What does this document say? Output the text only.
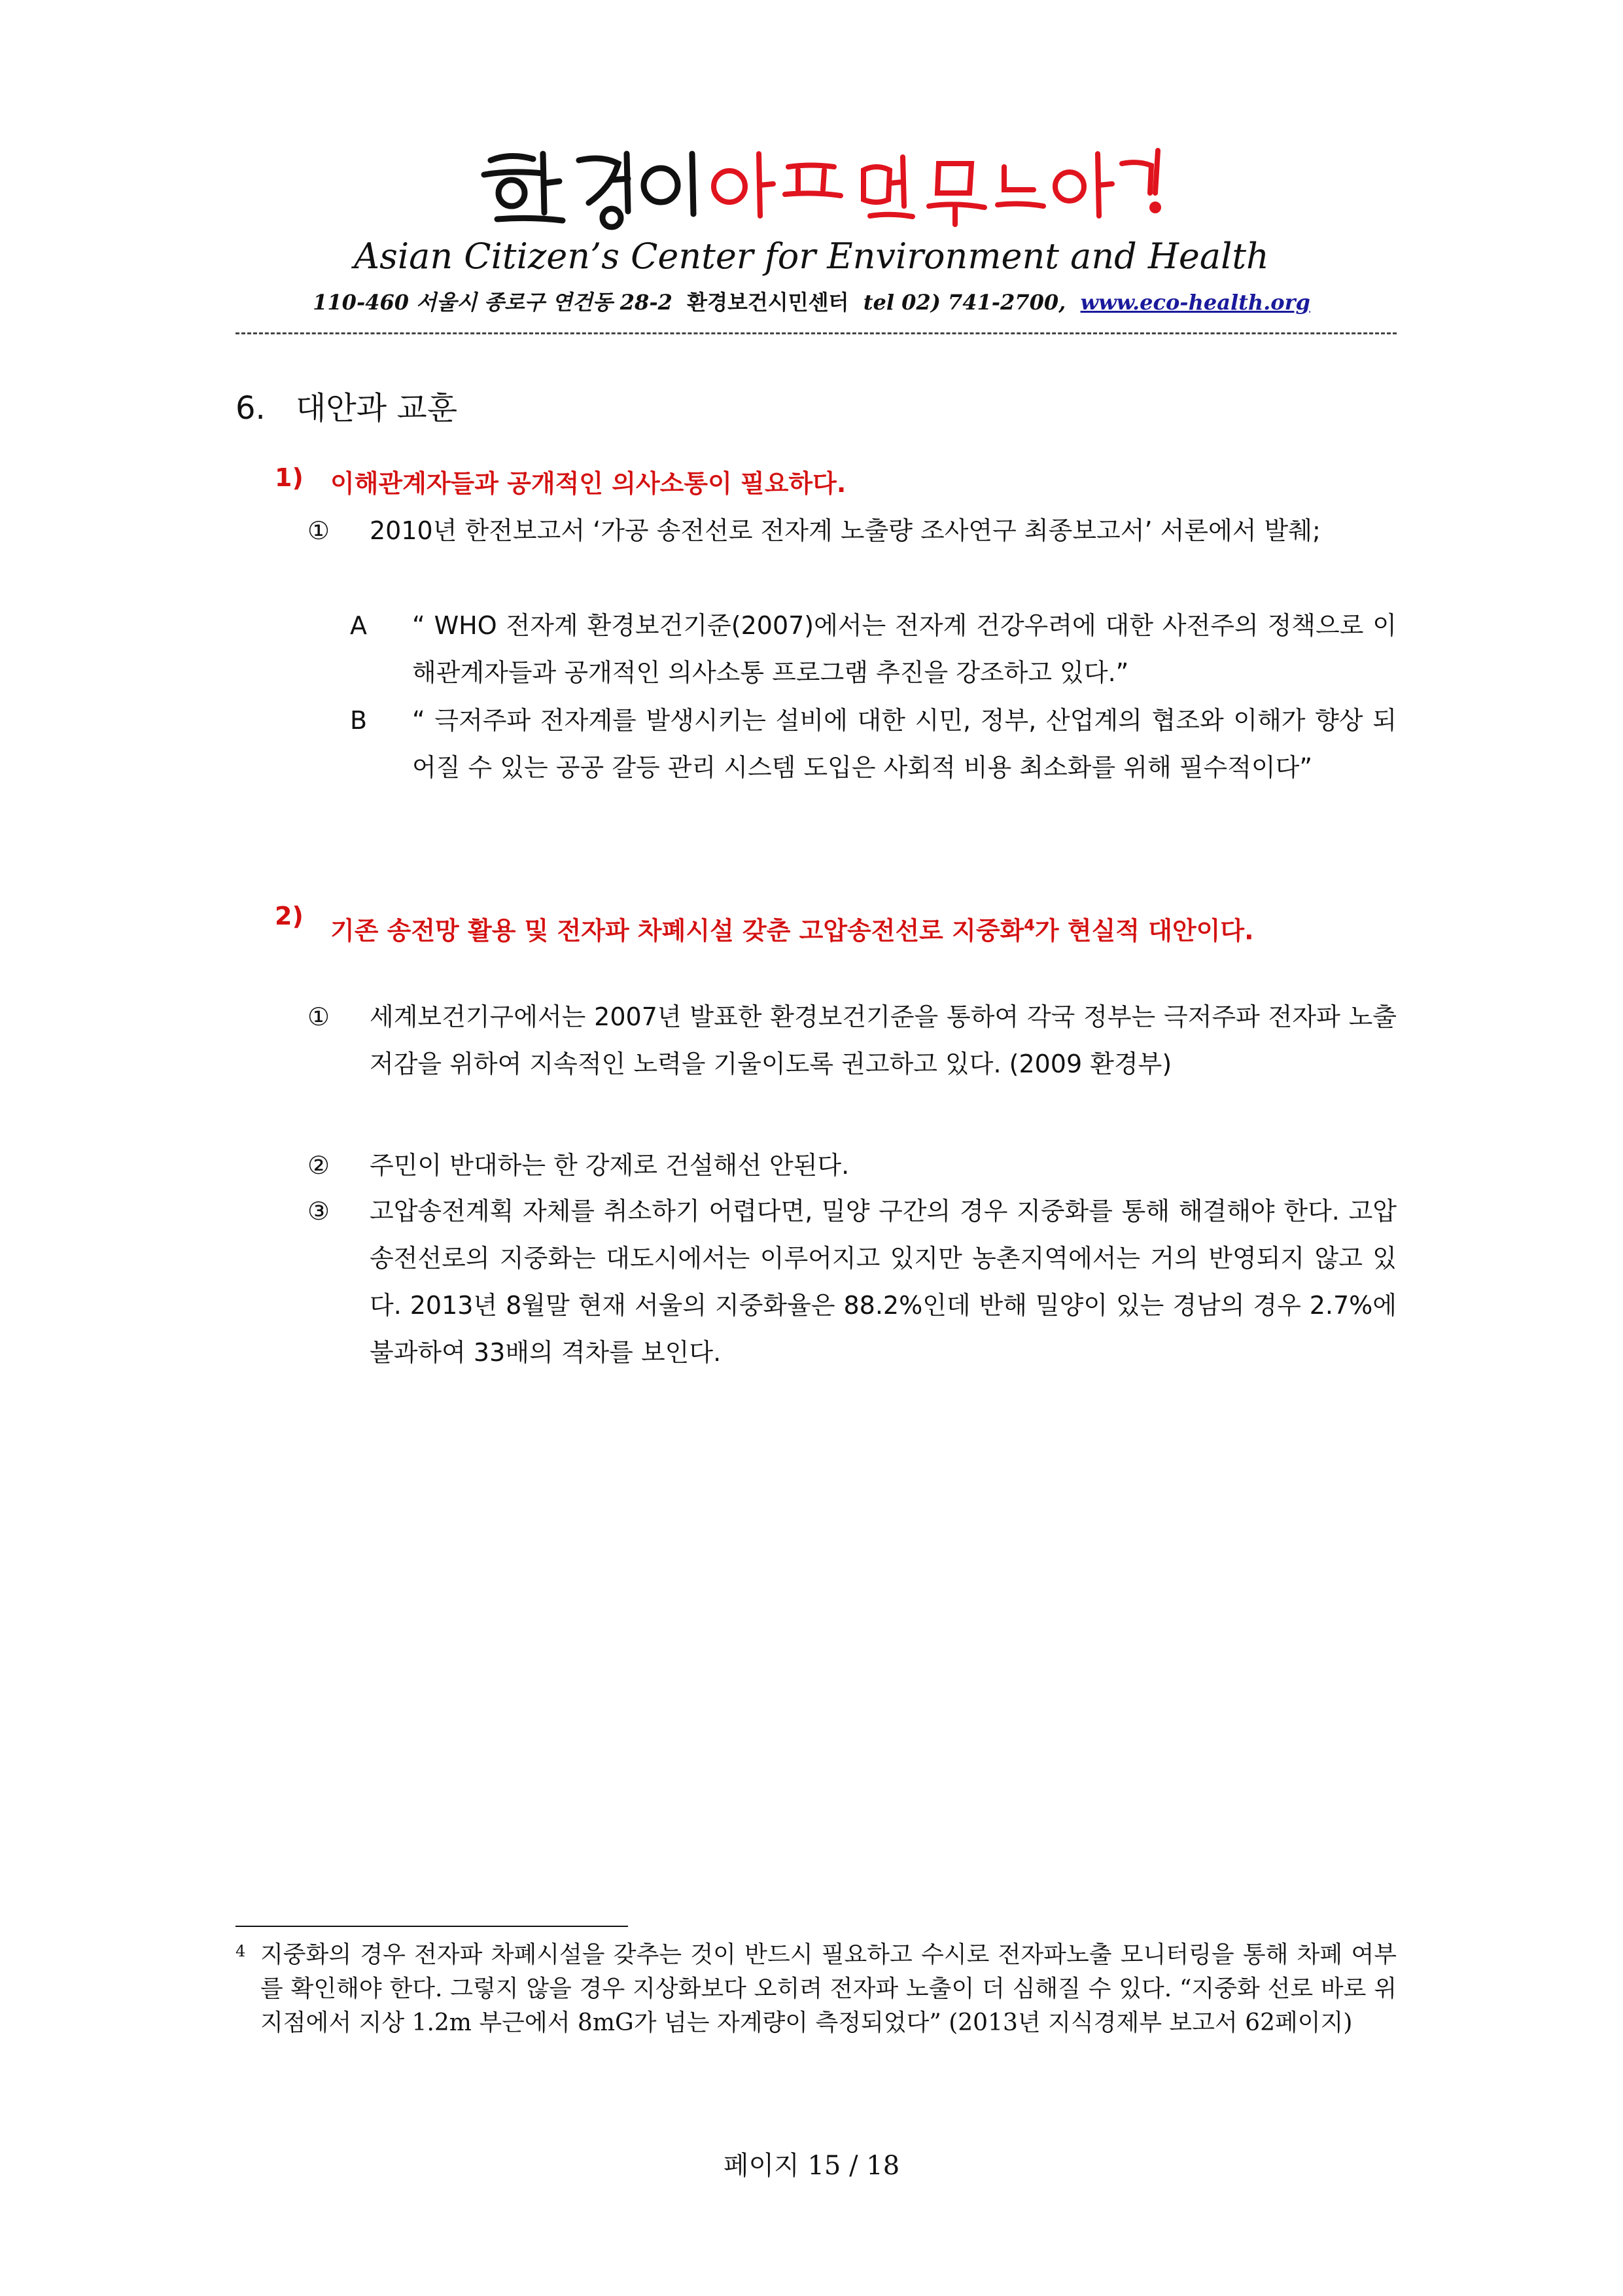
Asian Citizen’s Center for Environment and Health
110-460 서울시 종로구 연건동 28-2 환경보건시민센터 tel 02) 741-2700, www.eco-health.org
6. 대안과 교훈
1) 이해관계자들과 공개적인 의사소통이 필요하다.
① 2010년 한전보고서 ‘가공 송전선로 전자계 노출량 조사연구 최종보고서’ 서론에서 발췌;
A “ WHO 전자계 환경보건기준(2007)에서는 전자계 건강우려에 대한 사전주의 정책으로 이해관계자들과 공개적인 의사소통 프로그램 추진을 강조하고 있다.”
B “ 극저주파 전자계를 발생시키는 설비에 대한 시민, 정부, 산업계의 협조와 이해가 향상 되어질 수 있는 공공 갈등 관리 시스템 도입은 사회적 비용 최소화를 위해 필수적이다”
2)
기존 송전망 활용 및 전자파 차폐시설 갖춘 고압송전선로 지중화$^4$가 현실적 대안이다.
① 세계보건기구에서는 2007년 발표한 환경보건기준을 통하여 각국 정부는 극저주파 전자파 노출저감을 위하여 지속적인 노력을 기울이도록 권고하고 있다. (2009 환경부)
② 주민이 반대하는 한 강제로 건설해선 안된다.
③ 고압송전계획 자체를 취소하기 어렵다면, 밀양 구간의 경우 지중화를 통해 해결해야 한다. 고압송전선로의 지중화는 대도시에서는 이루어지고 있지만 농촌지역에서는 거의 반영되지 않고 있다. 2013년 8월말 현재 서울의 지중화율은 88.2%인데 반해 밀양이 있는 경남의 경우 2.7%에 불과하여 33배의 격차를 보인다.
4 지중화의 경우 전자파 차폐시설을 갖추는 것이 반드시 필요하고 수시로 전자파노출 모니터링을 통해 차폐 여부를 확인해야 한다. 그렇지 않을 경우 지상화보다 오히려 전자파 노출이 더 심해질 수 있다. “지중화 선로 바로 위 지점에서 지상 1.2m 부근에서 8mG가 넘는 자계량이 측정되었다” (2013년 지식경제부 보고서 62페이지)
페이지 15 / 18
